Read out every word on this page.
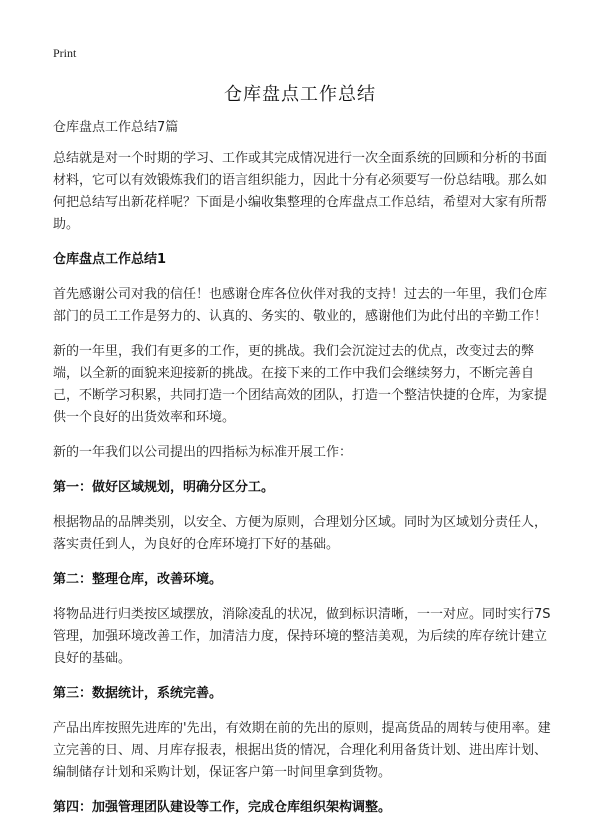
Print
仓库盘点工作总结

仓库盘点工作总结7篇

总结就是对一个时期的学习、工作或其完成情况进行一次全面系统的回顾和分析的书面材料，它可以有效锻炼我们的语言组织能力，因此十分有必须要写一份总结哦。那么如何把总结写出新花样呢？下面是小编收集整理的仓库盘点工作总结，希望对大家有所帮助。

仓库盘点工作总结1

首先感谢公司对我的信任！也感谢仓库各位伙伴对我的支持！过去的一年里，我们仓库部门的员工工作是努力的、认真的、务实的、敬业的，感谢他们为此付出的辛勤工作！

新的一年里，我们有更多的工作，更的挑战。我们会沉淀过去的优点，改变过去的弊端，以全新的面貌来迎接新的挑战。在接下来的工作中我们会继续努力，不断完善自己，不断学习积累，共同打造一个团结高效的团队，打造一个整洁快捷的仓库，为家提供一个良好的出货效率和环境。

新的一年我们以公司提出的四指标为标准开展工作：

第一：做好区域规划，明确分区分工。

根据物品的品牌类别，以安全、方便为原则，合理划分区域。同时为区域划分责任人，落实责任到人，为良好的仓库环境打下好的基础。

第二：整理仓库，改善环境。

将物品进行归类按区域摆放，消除凌乱的状况，做到标识清晰，一一对应。同时实行7S管理，加强环境改善工作，加清洁力度，保持环境的整洁美观，为后续的库存统计建立良好的基础。

第三：数据统计，系统完善。

产品出库按照先进库的'先出，有效期在前的先出的原则，提高货品的周转与使用率。建立完善的日、周、月库存报表，根据出货的情况，合理化利用备货计划、进出库计划、编制储存计划和采购计划，保证客户第一时间里拿到货物。

第四：加强管理团队建设等工作，完成仓库组织架构调整。
